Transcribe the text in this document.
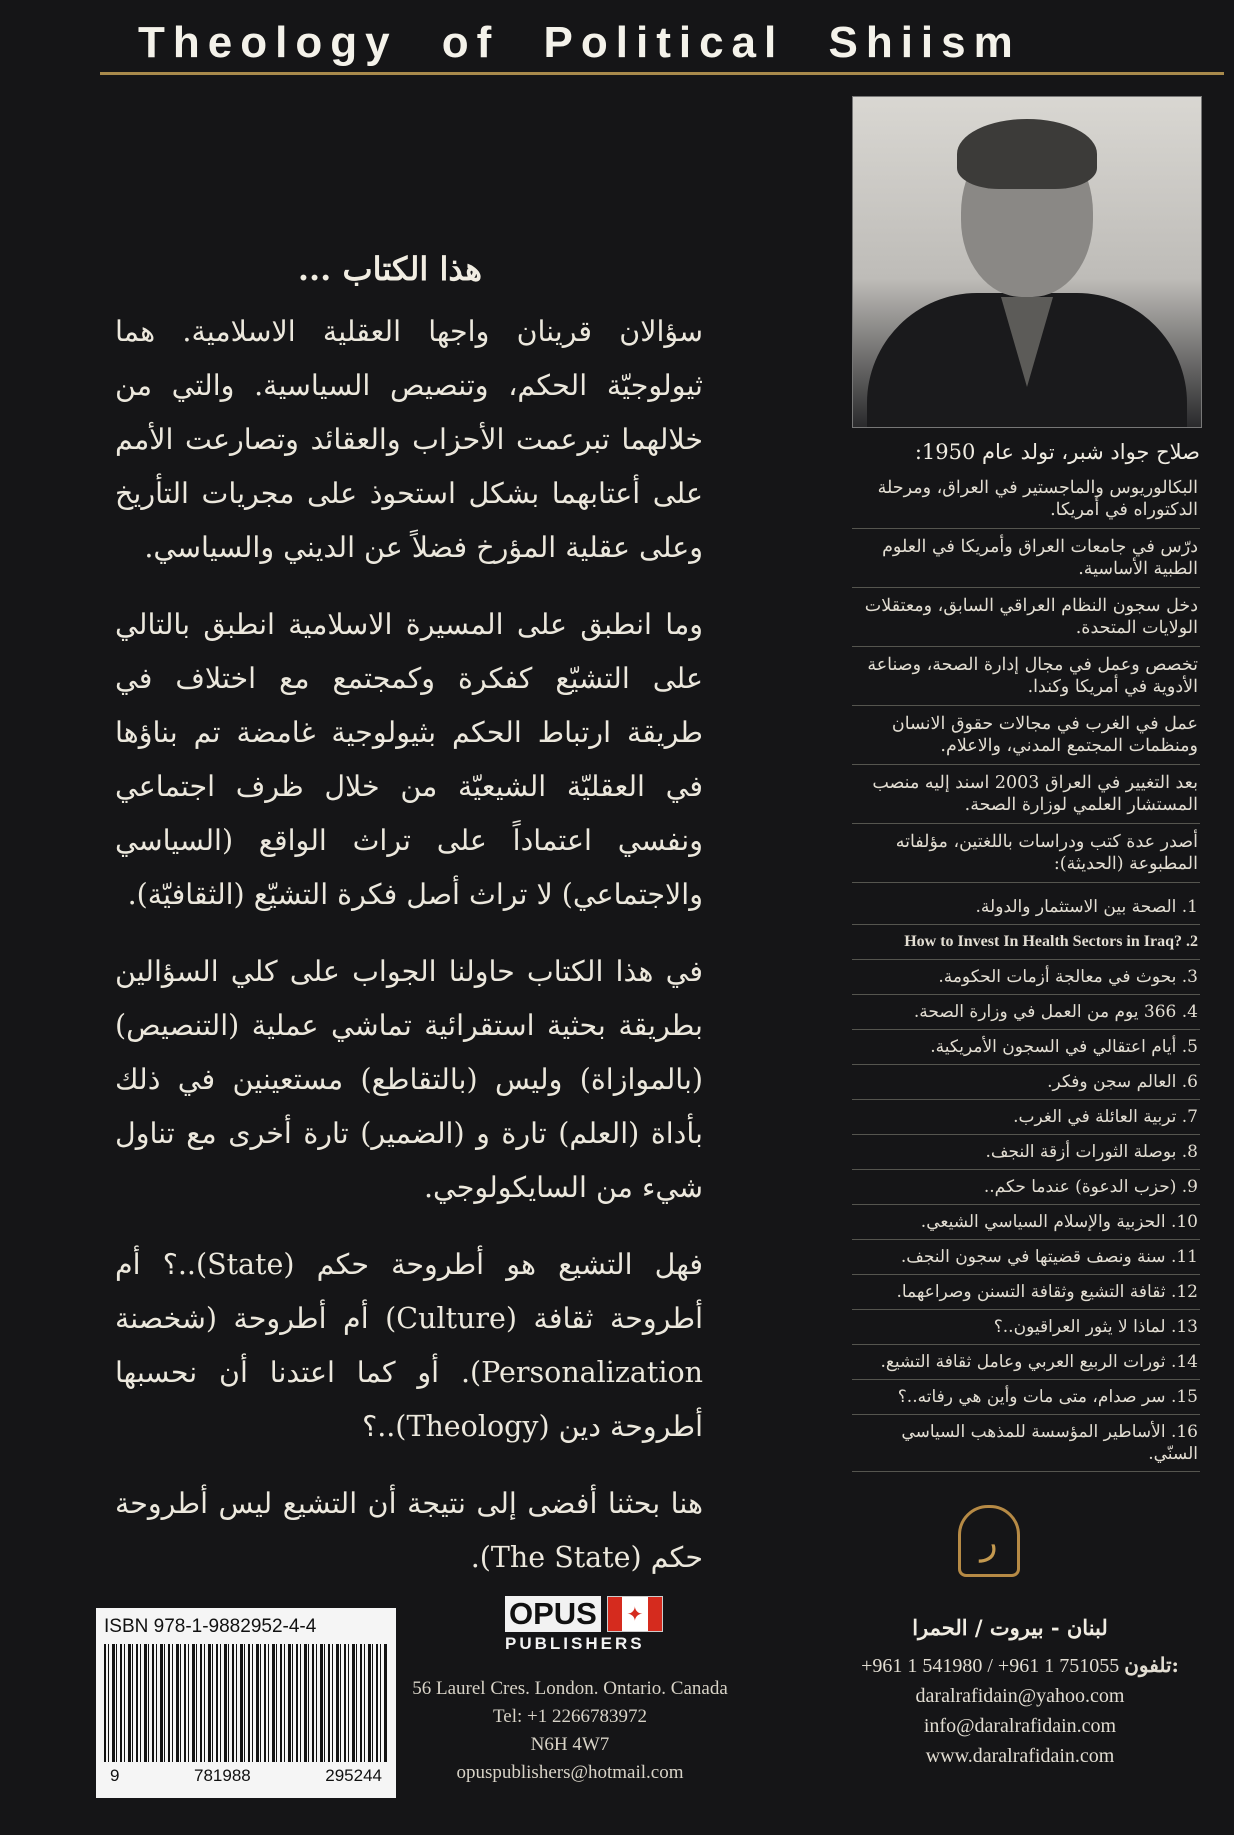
Theology of Political Shiism
هذا الكتاب ...

سؤالان قرينان واجها العقلية الاسلامية. هما ثيولوجيّة الحكم، وتنصيص السياسية. والتي من خلالهما تبرعمت الأحزاب والعقائد وتصارعت الأمم على أعتابهما بشكل استحوذ على مجريات التأريخ وعلى عقلية المؤرخ فضلاً عن الديني والسياسي.

وما انطبق على المسيرة الاسلامية انطبق بالتالي على التشيّع كفكرة وكمجتمع مع اختلاف في طريقة ارتباط الحكم بثيولوجية غامضة تم بناؤها في العقليّة الشيعيّة من خلال ظرف اجتماعي ونفسي اعتماداً على تراث الواقع (السياسي والاجتماعي) لا تراث أصل فكرة التشيّع (الثقافيّة).

في هذا الكتاب حاولنا الجواب على كلي السؤالين بطريقة بحثية استقرائية تماشي عملية (التنصيص) (بالموازاة) وليس (بالتقاطع) مستعينين في ذلك بأداة (العلم) تارة و (الضمير) تارة أخرى مع تناول شيء من السايكولوجي.

فهل التشيع هو أطروحة حكم (State)..؟ أم أطروحة ثقافة (Culture) أم أطروحة (شخصنة Personalization). أو كما اعتدنا أن نحسبها أطروحة دين (Theology)..؟

هنا بحثنا أفضى إلى نتيجة أن التشيع ليس أطروحة حكم (The State).

صلاح جواد شبر، تولد عام 1950:
البكالوريوس والماجستير في العراق، ومرحلة الدكتوراه في أمريكا.
درّس في جامعات العراق وأمريكا في العلوم الطبية الأساسية.
دخل سجون النظام العراقي السابق، ومعتقلات الولايات المتحدة.
تخصص وعمل في مجال إدارة الصحة، وصناعة الأدوية في أمريكا وكندا.
عمل في الغرب في مجالات حقوق الانسان ومنظمات المجتمع المدني، والاعلام.
بعد التغيير في العراق 2003 اسند إليه منصب المستشار العلمي لوزارة الصحة.
أصدر عدة كتب ودراسات باللغتين، مؤلفاته المطبوعة (الحديثة):
1. الصحة بين الاستثمار والدولة.
How to Invest In Health Sectors in Iraq? .2
3. بحوث في معالجة أزمات الحكومة.
4. 366 يوم من العمل في وزارة الصحة.
5. أيام اعتقالي في السجون الأمريكية.
6. العالم سجن وفكر.
7. تربية العائلة في الغرب.
8. بوصلة الثورات أزقة النجف.
9. (حزب الدعوة) عندما حكم..
10. الحزبية والإسلام السياسي الشيعي.
11. سنة ونصف قضيتها في سجون النجف.
12. ثقافة التشيع وثقافة التسنن وصراعهما.
13. لماذا لا يثور العراقيون..؟
14. ثورات الربيع العربي وعامل ثقافة التشيع.
15. سر صدام، متى مات وأين هي رفاته..؟
16. الأساطير المؤسسة للمذهب السياسي السنّي.
ر
لبنان - بيروت / الحمرا
+961 1 541980 / +961 1 751055 تلفون:
daralrafidain@yahoo.com
info@daralrafidain.com
www.daralrafidain.com
OPUS ✦
PUBLISHERS
56 Laurel Cres. London. Ontario. Canada
Tel: +1 2266783972
N6H 4W7
opuspublishers@hotmail.com
ISBN 978-1-9882952-4-4
9	781988	295244
